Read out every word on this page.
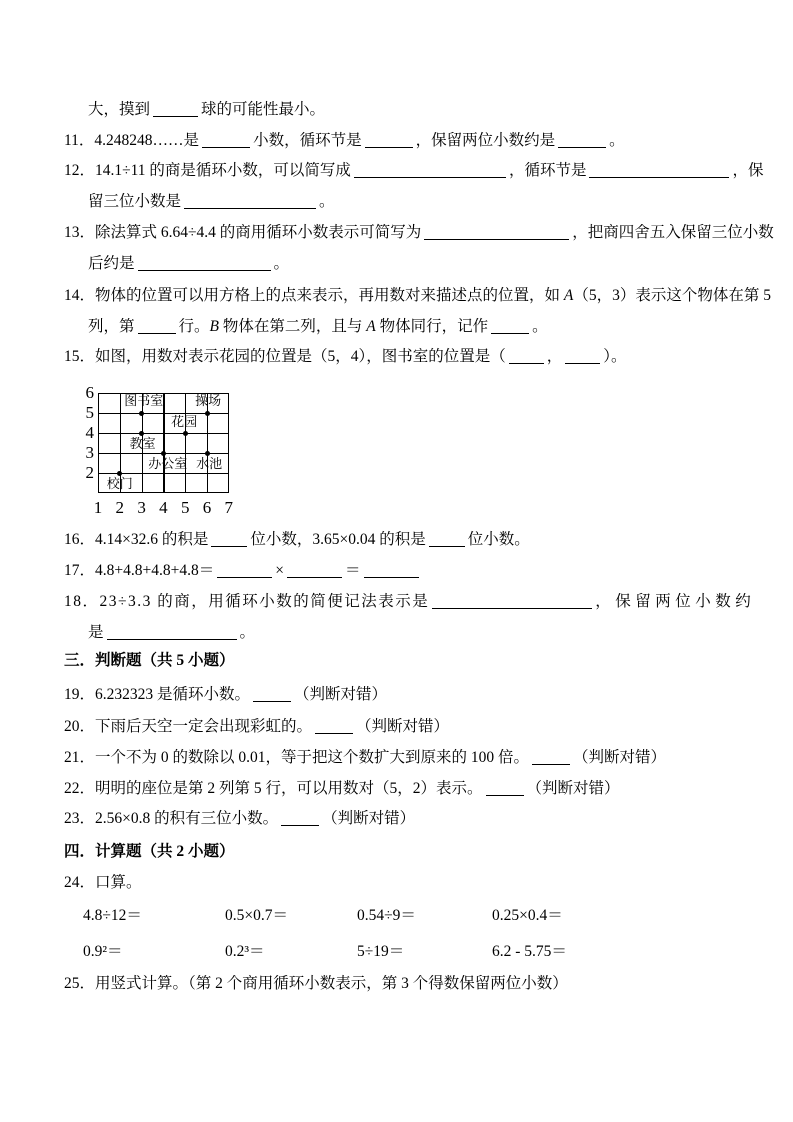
大，摸到	球的可能性最小。
11．4.248248……是	小数，循环节是	，保留两位小数约是	。
12．14.1÷11 的商是循环小数，可以简写成	，循环节是	，保
留三位小数是	。
13．除法算式 6.64÷4.4 的商用循环小数表示可简写为	，把商四舍五入保留三位小数
后约是	。
14．物体的位置可以用方格上的点来表示，再用数对来描述点的位置，如 A（5，3）表示这个物体在第 5
列，第	行。B 物体在第二列，且与 A 物体同行，记作	。
15．如图，用数对表示花园的位置是（5，4），图书室的位置是（	，	）。
6
5
4
3
2
1 2 3 4 5 6 7
图书室 操场
花园
教室
办公室 水池
校门
16．4.14×32.6 的积是	位小数，3.65×0.04 的积是	位小数。
17．4.8+4.8+4.8+4.8＝	×	＝
18．23÷3.3 的商，用循环小数的简便记法表示是	，保留两位小数约
是	。
三．判断题（共 5 小题）
19．6.232323 是循环小数。	（判断对错）
20．下雨后天空一定会出现彩虹的。	（判断对错）
21．一个不为 0 的数除以 0.01，等于把这个数扩大到原来的 100 倍。	（判断对错）
22．明明的座位是第 2 列第 5 行，可以用数对（5，2）表示。	（判断对错）
23．2.56×0.8 的积有三位小数。	（判断对错）
四．计算题（共 2 小题）
24．口算。
4.8÷12＝	0.5×0.7＝	0.54÷9＝	0.25×0.4＝
0.9²＝	0.2³＝	5÷19＝	6.2 - 5.75＝
25．用竖式计算。（第 2 个商用循环小数表示，第 3 个得数保留两位小数）
